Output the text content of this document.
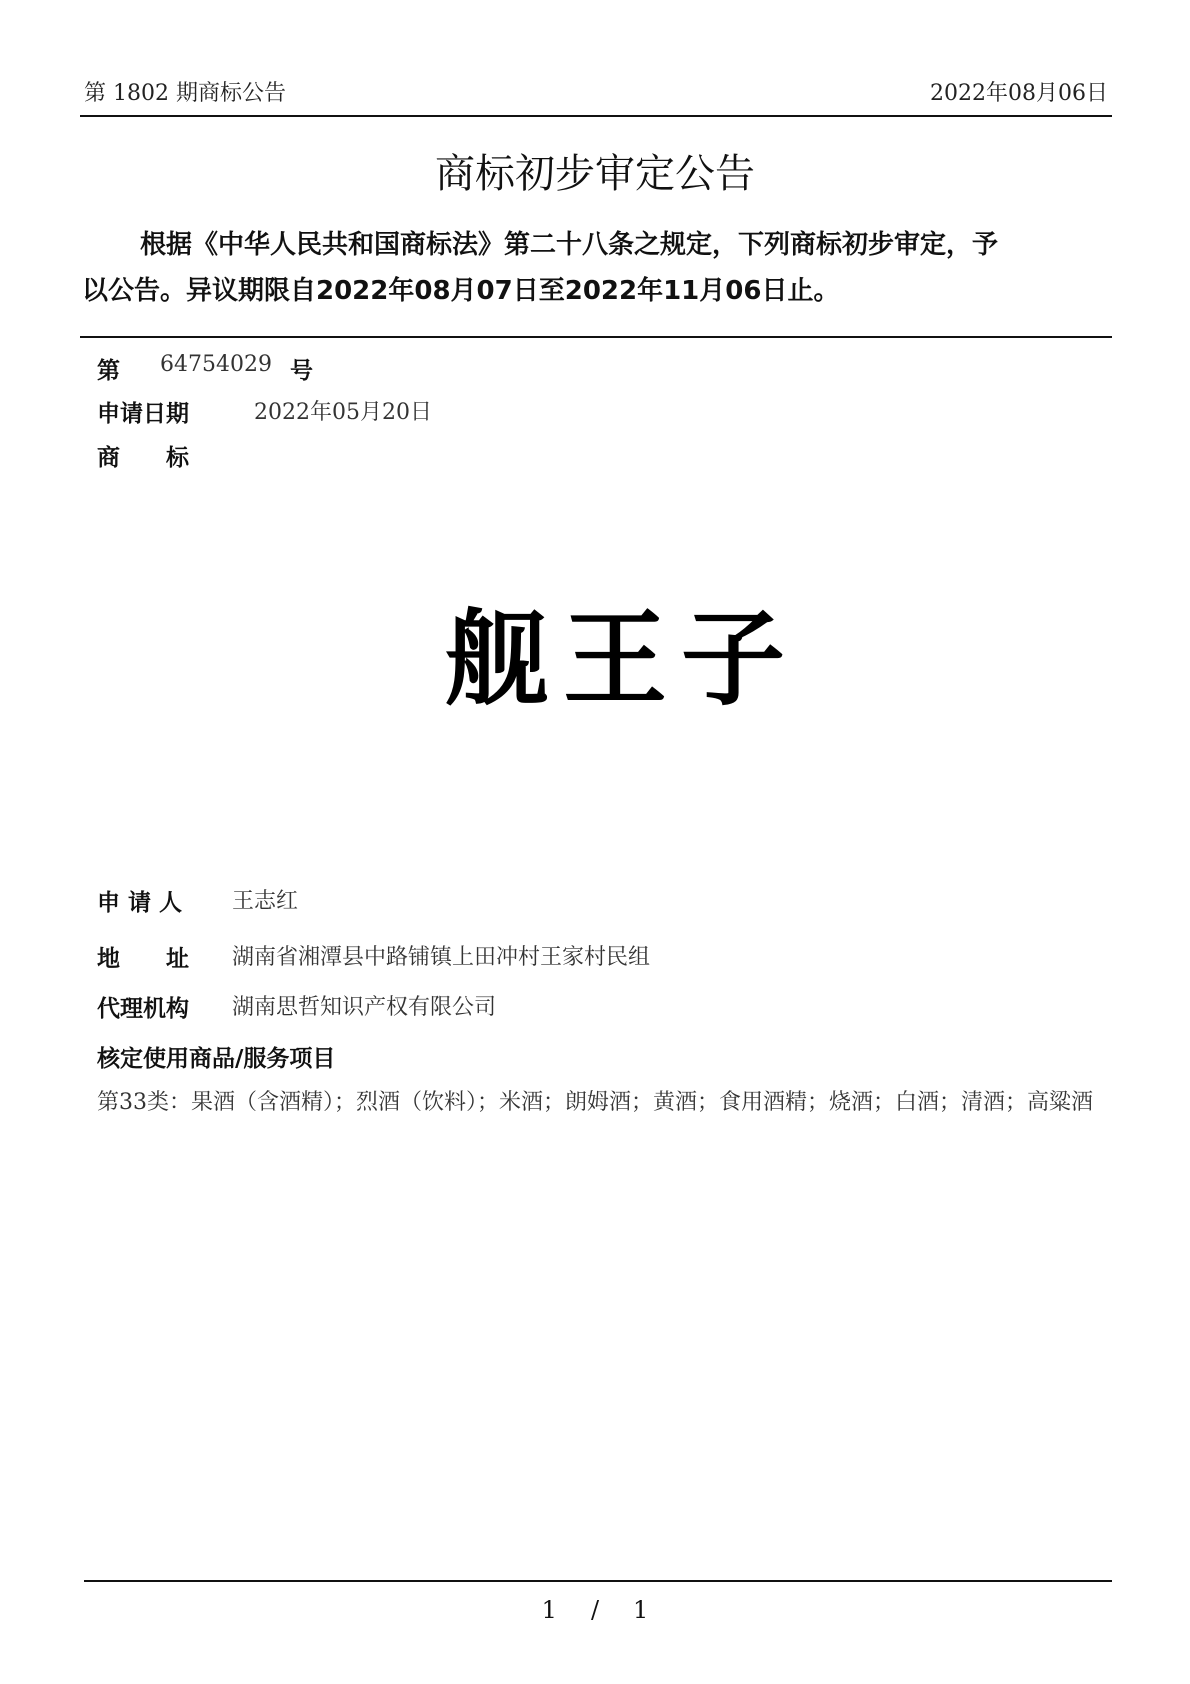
第 1802 期商标公告	2022年08月06日
商标初步审定公告
根据《中华人民共和国商标法》第二十八条之规定，下列商标初步审定，予
以公告。异议期限自2022年08月07日至2022年11月06日止。
第 64754029 号
申请日期	2022年05月20日
商　　标
舰王子
申 请 人 王志红
地　　址 湖南省湘潭县中路铺镇上田冲村王家村民组
代理机构 湖南思哲知识产权有限公司
核定使用商品/服务项目
第33类：果酒（含酒精）；烈酒（饮料）；米酒；朗姆酒；黄酒；食用酒精；烧酒；白酒；清酒；高粱酒
1 / 1
